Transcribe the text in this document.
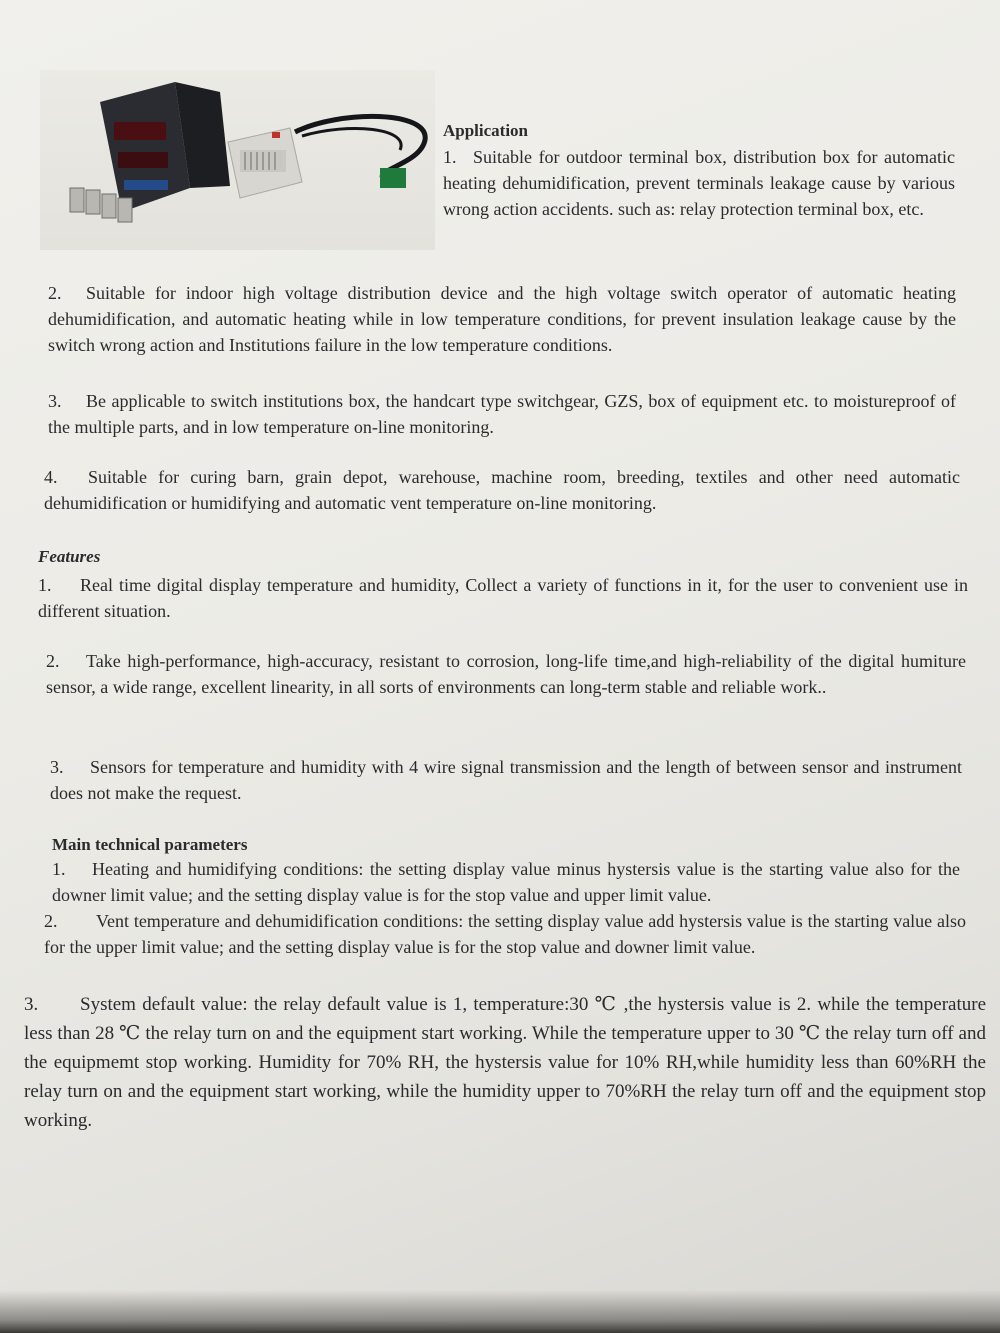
Application

1. Suitable for outdoor terminal box, distribution box for automatic heating dehumidification, prevent terminals leakage cause by various wrong action accidents. such as: relay protection terminal box, etc.

2. Suitable for indoor high voltage distribution device and the high voltage switch operator of automatic heating dehumidification, and automatic heating while in low temperature conditions, for prevent insulation leakage cause by the switch wrong action and Institutions failure in the low temperature conditions.
3. Be applicable to switch institutions box, the handcart type switchgear, GZS, box of equipment etc. to moistureproof of the multiple parts, and in low temperature on-line monitoring.
4. Suitable for curing barn, grain depot, warehouse, machine room, breeding, textiles and other need automatic dehumidification or humidifying and automatic vent temperature on-line monitoring.

Features

1. Real time digital display temperature and humidity, Collect a variety of functions in it, for the user to convenient use in different situation.

2. Take high-performance, high-accuracy, resistant to corrosion, long-life time,and high-reliability of the digital humiture sensor, a wide range, excellent linearity, in all sorts of environments can long-term stable and reliable work..
3. Sensors for temperature and humidity with 4 wire signal transmission and the length of between sensor and instrument does not make the request.

Main technical parameters

1. Heating and humidifying conditions: the setting display value minus hystersis value is the starting value also for the downer limit value; and the setting display value is for the stop value and upper limit value.
2. Vent temperature and dehumidification conditions: the setting display value add hystersis value is the starting value also for the upper limit value; and the setting display value is for the stop value and downer limit value.
3. System default value: the relay default value is 1, temperature:30 ℃ ,the hystersis value is 2. while the temperature less than 28 ℃ the relay turn on and the equipment start working. While the temperature upper to 30 ℃ the relay turn off and the equipmemt stop working. Humidity for 70% RH, the hystersis value for 10% RH,while humidity less than 60%RH the relay turn on and the equipment start working, while the humidity upper to 70%RH the relay turn off and the equipment stop working.
